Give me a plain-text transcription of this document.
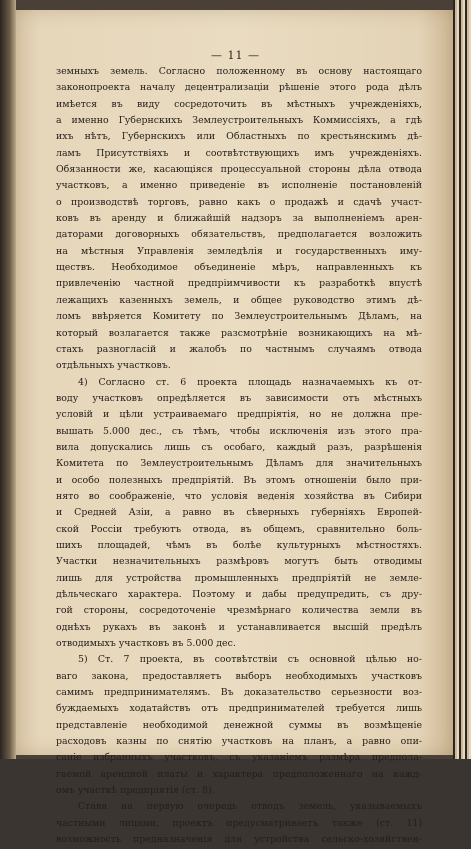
— 11 —
земныхъ земель. Согласно положенному въ основу настоящаго
законопроекта началу децентрализаціи рѣшеніе этого рода дѣлъ
имѣется въ виду сосредоточить въ мѣстныхъ учрежденіяхъ,
а именно Губернскихъ Землеустроительныхъ Коммиссіяхъ, а гдѣ
ихъ нѣтъ, Губернскихъ или Областныхъ по крестьянскимъ дѣ-
ламъ Присутствіяхъ и соотвѣтствующихъ имъ учрежденіяхъ.
Обязанности же, касающіяся процессуальной стороны дѣла отвода
участковъ, а именно приведеніе въ исполненіе постановленій
о производствѣ торговъ, равно какъ о продажѣ и сдачѣ участ-
ковъ въ аренду и ближайшій надзоръ за выполненіемъ арен-
даторами договорныхъ обязательствъ, предполагается возложить
на мѣстныя Управленія земледѣлія и государственныхъ иму-
ществъ. Необходимое объединеніе мѣръ, направленныхъ къ
привлеченію частной предпріимчивости къ разработкѣ впустѣ
лежащихъ казенныхъ земель, и общее руководство этимъ дѣ-
ломъ ввѣряется Комитету по Землеустроительнымъ Дѣламъ, на
который возлагается также разсмотрѣніе возникающихъ на мѣ-
стахъ разногласій и жалобъ по частнымъ случаямъ отвода
отдѣльныхъ участковъ.
4) Согласно ст. 6 проекта площадь назначаемыхъ къ от-
воду участковъ опредѣляется въ зависимости отъ мѣстныхъ
условій и цѣли устраиваемаго предпріятія, но не должна пре-
вышать 5.000 дес., съ тѣмъ, чтобы исключенія изъ этого пра-
вила допускались лишь съ особаго, каждый разъ, разрѣшенія
Комитета по Землеустроительнымъ Дѣламъ для значительныхъ
и особо полезныхъ предпріятій. Въ этомъ отношеніи было при-
нято во соображеніе, что условія веденія хозяйства въ Сибири
и Средней Азіи, а равно въ сѣверныхъ губерніяхъ Европей-
ской Россіи требуютъ отвода, въ общемъ, сравнительно боль-
шихъ площадей, чѣмъ въ болѣе культурныхъ мѣстностяхъ.
Участки незначительныхъ размѣровъ могутъ быть отводимы
лишь для устройства промышленныхъ предпріятій не земле-
дѣльческаго характера. Поэтому и дабы предупредить, съ дру-
гой стороны, сосредоточеніе чрезмѣрнаго количества земли въ
однѣхъ рукахъ въ законѣ и устанавливается высшій предѣлъ
отводимыхъ участковъ въ 5.000 дес.
5) Ст. 7 проекта, въ соотвѣтствіи съ основной цѣлью но-
ваго закона, предоставляетъ выборъ необходимыхъ участковъ
самимъ предпринимателямъ. Въ доказательство серьезности воз-
буждаемыхъ ходатайствъ отъ предпринимателей требуется лишь
представленіе необходимой денежной суммы въ возмѣщеніе
расходовъ казны по снятію участковъ на планъ, а равно опи-
саніе избранныхъ участковъ, съ указаніемъ размѣра предпола-
гаемой арендной платы и характера предположеннаго на кажд-
омъ участкѣ предпріятія (ст. 8).
Ставя на первую очередь отводъ земель, указываемыхъ
частными лицами, проектъ предусматриваетъ также (ст. 11)
возможность предназначенія для устройства сельско-хозяйствен-
